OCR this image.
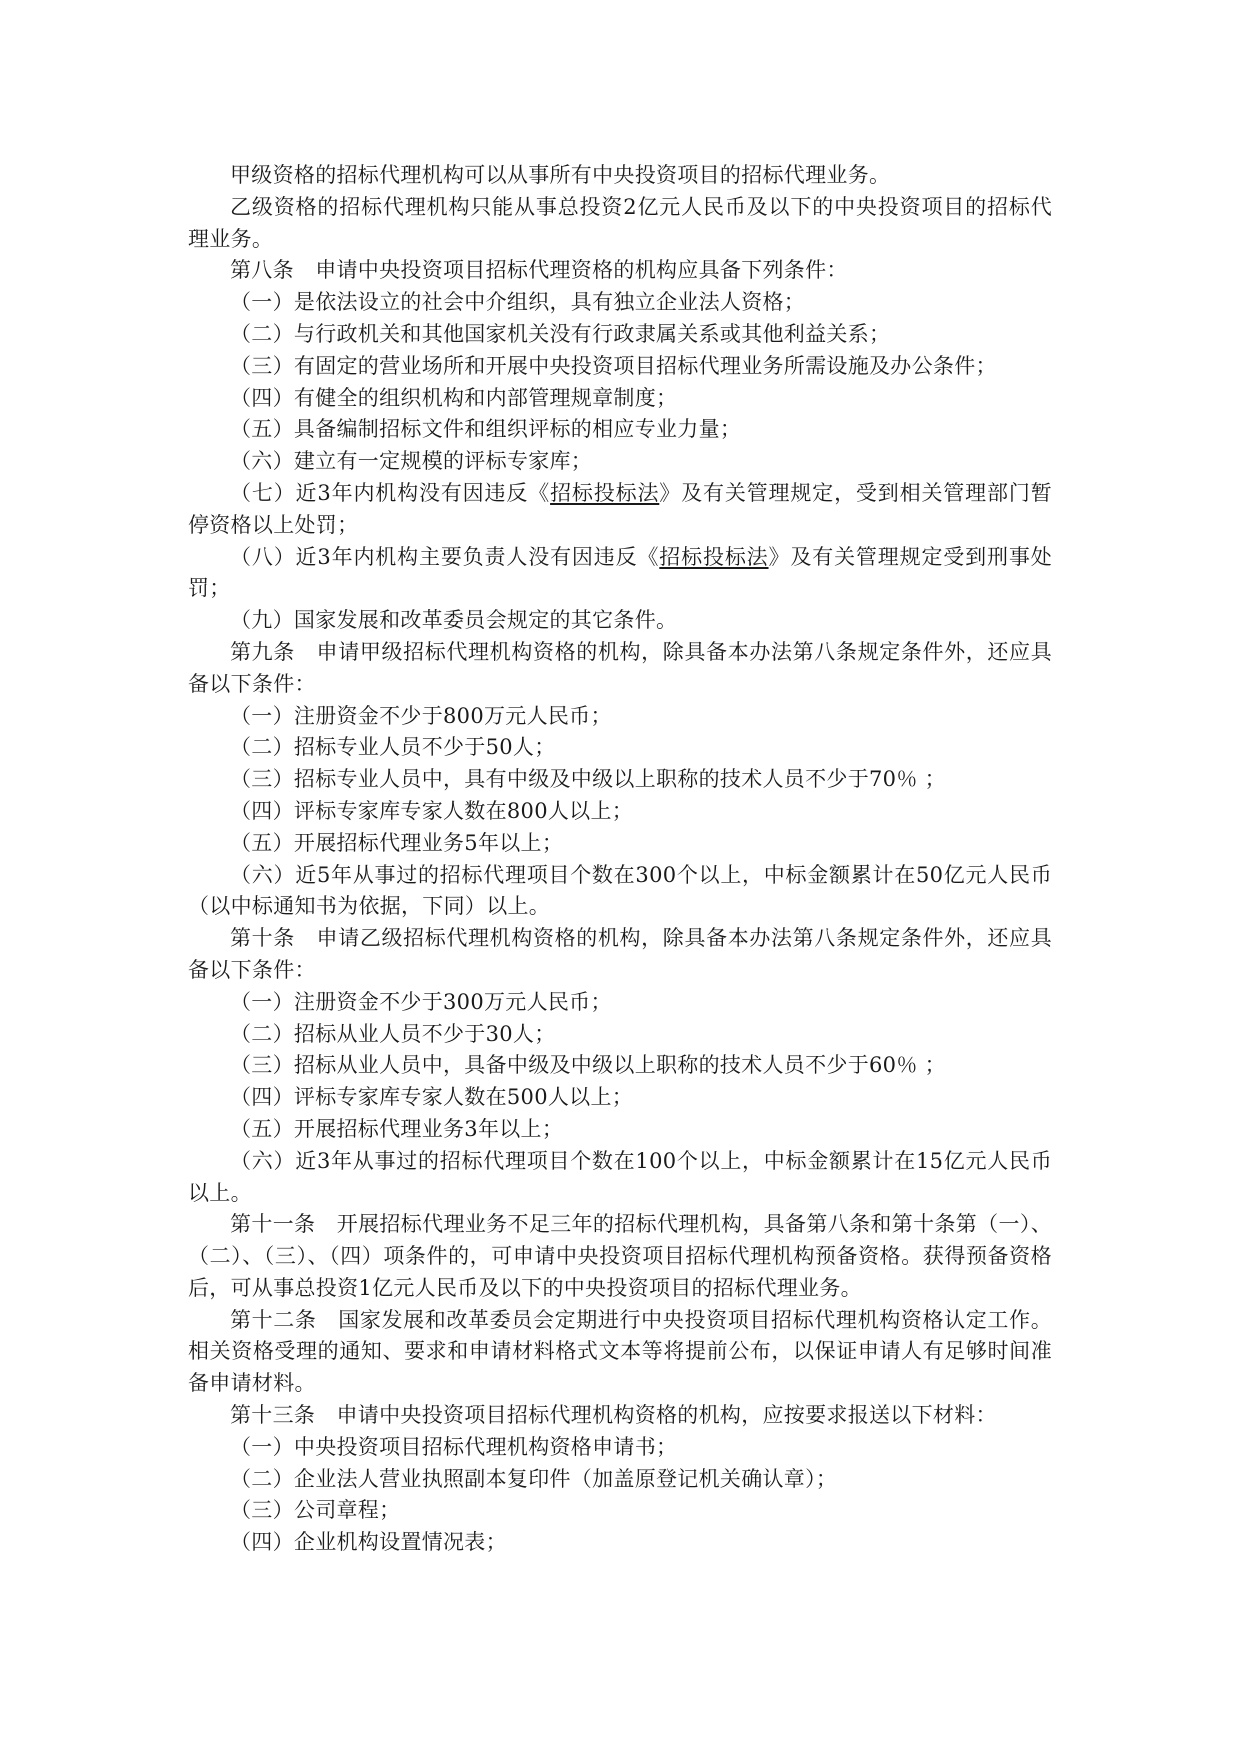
甲级资格的招标代理机构可以从事所有中央投资项目的招标代理业务。

乙级资格的招标代理机构只能从事总投资2亿元人民币及以下的中央投资项目的招标代理业务。

第八条　申请中央投资项目招标代理资格的机构应具备下列条件：

（一）是依法设立的社会中介组织，具有独立企业法人资格；

（二）与行政机关和其他国家机关没有行政隶属关系或其他利益关系；

（三）有固定的营业场所和开展中央投资项目招标代理业务所需设施及办公条件；

（四）有健全的组织机构和内部管理规章制度；

（五）具备编制招标文件和组织评标的相应专业力量；

（六）建立有一定规模的评标专家库；

（七）近3年内机构没有因违反《招标投标法》及有关管理规定，受到相关管理部门暂停资格以上处罚；

（八）近3年内机构主要负责人没有因违反《招标投标法》及有关管理规定受到刑事处罚；

（九）国家发展和改革委员会规定的其它条件。

第九条　申请甲级招标代理机构资格的机构，除具备本办法第八条规定条件外，还应具备以下条件：

（一）注册资金不少于800万元人民币；

（二）招标专业人员不少于50人；

（三）招标专业人员中，具有中级及中级以上职称的技术人员不少于70％ ；

（四）评标专家库专家人数在800人以上；

（五）开展招标代理业务5年以上；

（六）近5年从事过的招标代理项目个数在300个以上，中标金额累计在50亿元人民币（以中标通知书为依据，下同）以上。

第十条　申请乙级招标代理机构资格的机构，除具备本办法第八条规定条件外，还应具备以下条件：

（一）注册资金不少于300万元人民币；

（二）招标从业人员不少于30人；

（三）招标从业人员中，具备中级及中级以上职称的技术人员不少于60％ ；

（四）评标专家库专家人数在500人以上；

（五）开展招标代理业务3年以上；

（六）近3年从事过的招标代理项目个数在100个以上，中标金额累计在15亿元人民币以上。

第十一条　开展招标代理业务不足三年的招标代理机构，具备第八条和第十条第（一）、（二）、（三）、（四）项条件的，可申请中央投资项目招标代理机构预备资格。获得预备资格后，可从事总投资1亿元人民币及以下的中央投资项目的招标代理业务。

第十二条　国家发展和改革委员会定期进行中央投资项目招标代理机构资格认定工作。相关资格受理的通知、要求和申请材料格式文本等将提前公布，以保证申请人有足够时间准备申请材料。

第十三条　申请中央投资项目招标代理机构资格的机构，应按要求报送以下材料：

（一）中央投资项目招标代理机构资格申请书；

（二）企业法人营业执照副本复印件（加盖原登记机关确认章）；

（三）公司章程；

（四）企业机构设置情况表；
